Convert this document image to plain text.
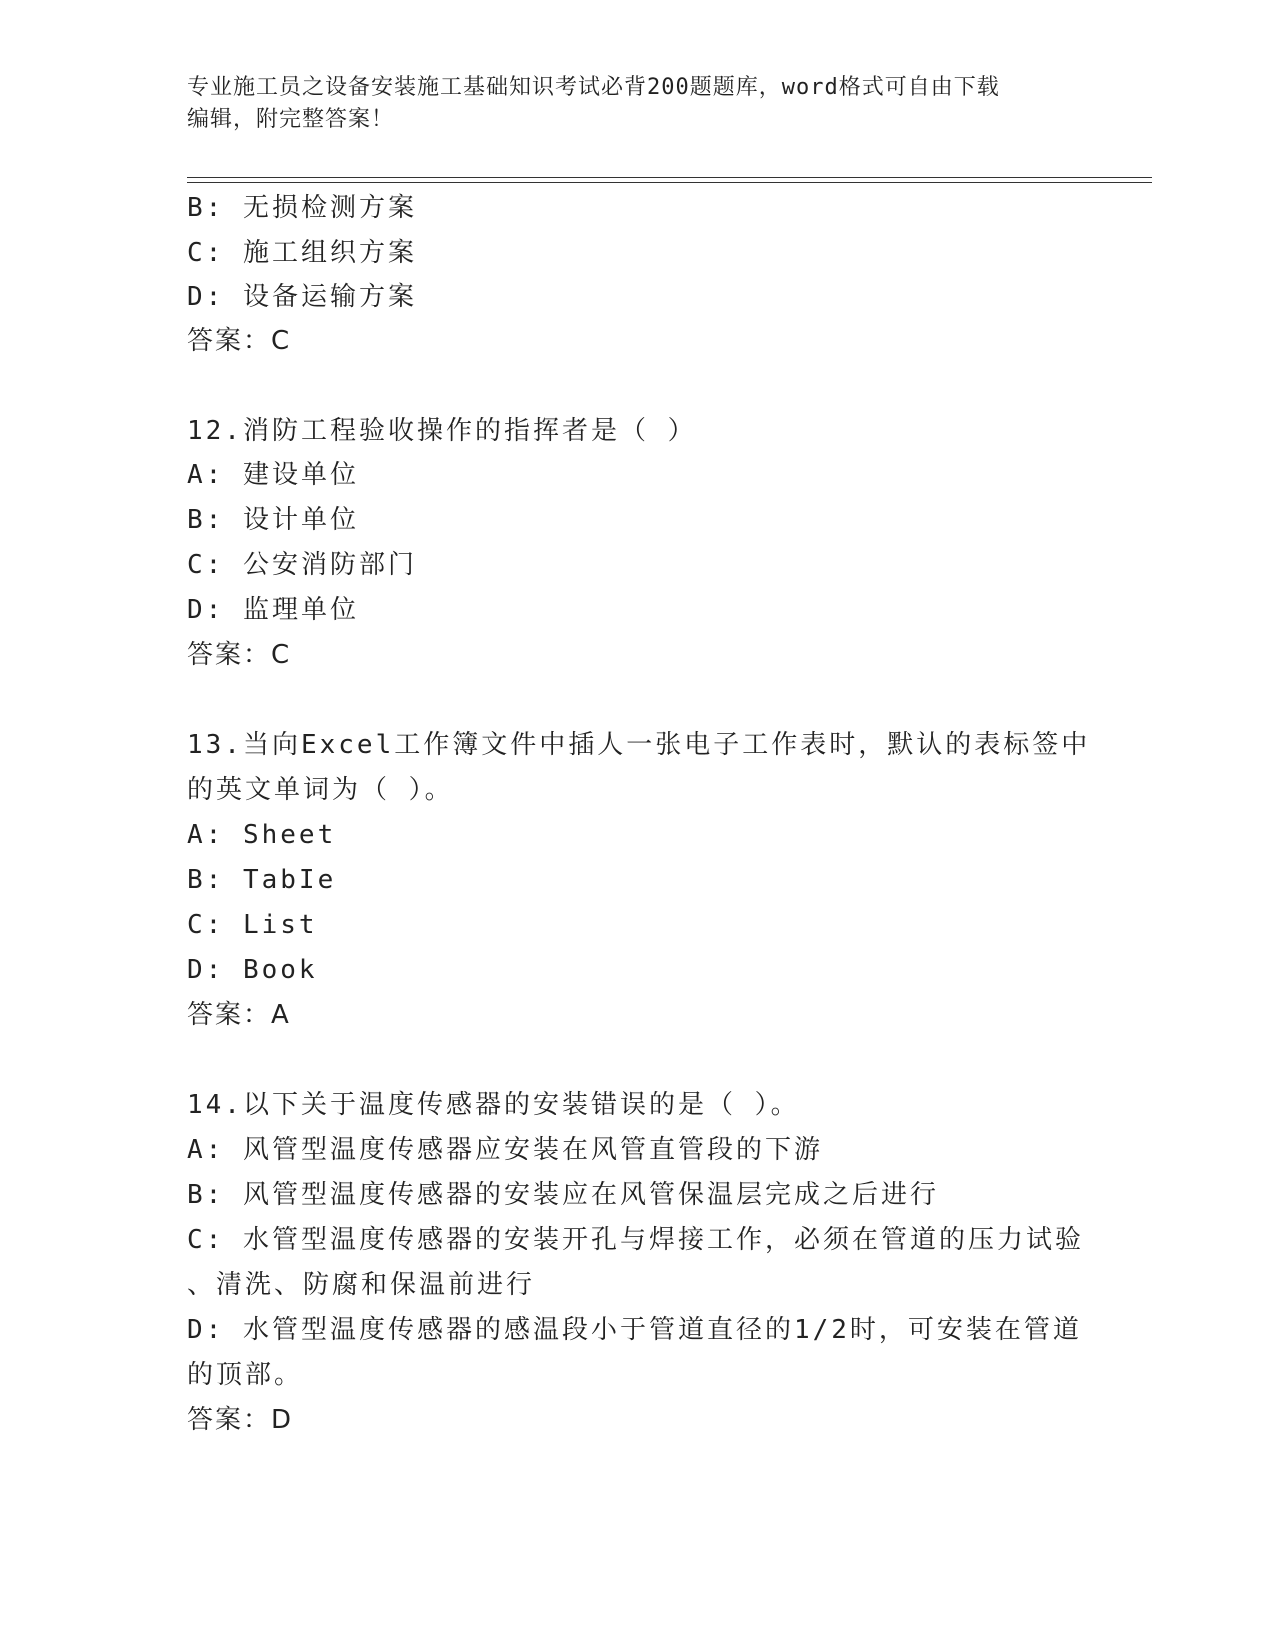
专业施工员之设备安装施工基础知识考试必背200题题库，word格式可自由下载
编辑，附完整答案！
B: 无损检测方案
C: 施工组织方案
D: 设备运输方案
答案：C
12.消防工程验收操作的指挥者是（ ）
A: 建设单位
B: 设计单位
C: 公安消防部门
D: 监理单位
答案：C
13.当向Excel工作簿文件中插人一张电子工作表时，默认的表标签中
的英文单词为（ ）。
A: Sheet
B: TabIe
C: List
D: Book
答案：A
14.以下关于温度传感器的安装错误的是（ ）。
A: 风管型温度传感器应安装在风管直管段的下游
B: 风管型温度传感器的安装应在风管保温层完成之后进行
C: 水管型温度传感器的安装开孔与焊接工作，必须在管道的压力试验
、清洗、防腐和保温前进行
D: 水管型温度传感器的感温段小于管道直径的1/2时，可安装在管道
的顶部。
答案：D
